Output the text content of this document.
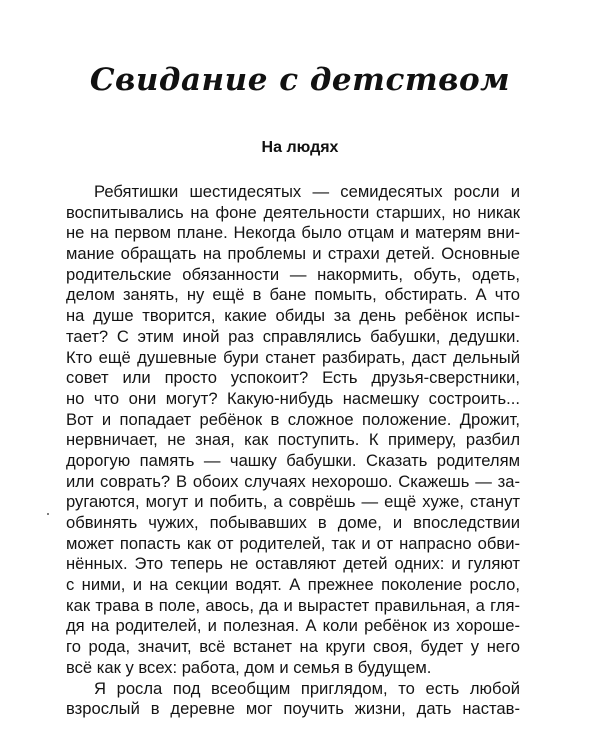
Свидание с детством
На людях
Ребятишки шестидесятых — семидесятых росли и
воспитывались на фоне деятельности старших, но никак
не на первом плане. Некогда было отцам и матерям вни-
мание обращать на проблемы и страхи детей. Основные
родительские обязанности — накормить, обуть, одеть,
делом занять, ну ещё в бане помыть, обстирать. А что
на душе творится, какие обиды за день ребёнок испы-
тает? С этим иной раз справлялись бабушки, дедушки.
Кто ещё душевные бури станет разбирать, даст дельный
совет или просто успокоит? Есть друзья-сверстники,
но что они могут? Какую-нибудь насмешку сострoить...
Вот и попадает ребёнок в сложное положение. Дрожит,
нервничает, не зная, как поступить. К примеру, разбил
дорогую память — чашку бабушки. Сказать родителям
или соврать? В обоих случаях нехорошо. Скажешь — за-
ругаются, могут и побить, а соврёшь — ещё хуже, станут
обвинять чужих, побывавших в доме, и впоследствии
может попасть как от родителей, так и от напрасно обви-
нённых. Это теперь не оставляют детей одних: и гуляют
с ними, и на секции водят. А прежнее поколение росло,
как трава в поле, авось, да и вырастет правильная, а гля-
дя на родителей, и полезная. А коли ребёнок из хороше-
го рода, значит, всё встанет на круги своя, будет у него
всё как у всех: работа, дом и семья в будущем.
Я росла под всеобщим приглядом, то есть любой
взрослый в деревне мог поучить жизни, дать настав-
